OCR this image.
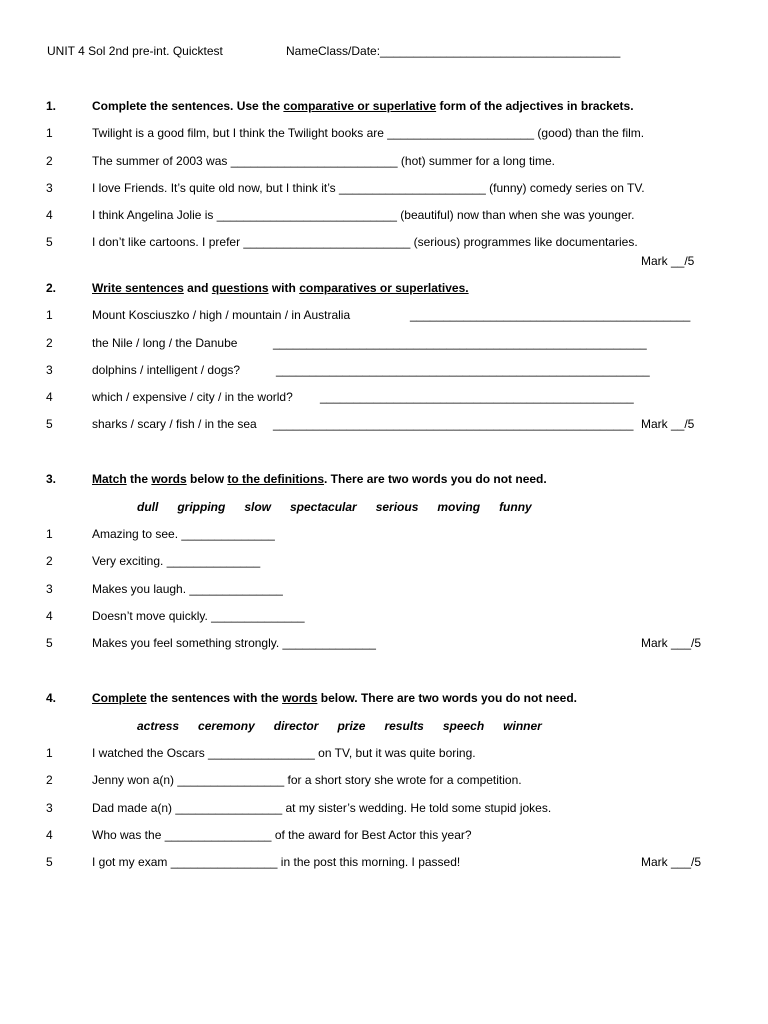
UNIT 4 Sol 2nd pre-int. Quicktest	NameClass/Date:____________________________________
1.	Complete the sentences. Use the comparative or superlative form of the adjectives in brackets.
1	Twilight is a good film, but I think the Twilight books are ______________________ (good) than the film.
2	The summer of 2003 was _________________________ (hot) summer for a long time.
3	I love Friends. It’s quite old now, but I think it’s ______________________ (funny) comedy series on TV.
4	I think Angelina Jolie is ___________________________ (beautiful) now than when she was younger.
5	I don’t like cartoons. I prefer _________________________ (serious) programmes like documentaries.
Mark __/5
2.	Write sentences and questions with comparatives or superlatives.
1	Mount Kosciuszko / high / mountain / in Australia	__________________________________________
2	the Nile / long / the Danube	________________________________________________________
3	dolphins / intelligent / dogs?	________________________________________________________
4	which / expensive / city / in the world? _______________________________________________
5	sharks / scary / fish / in the sea ______________________________________________________ Mark __/5
3.	Match the words below to the definitions. There are two words you do not need.
dull gripping slow spectacular serious moving funny
1	Amazing to see. ______________
2	Very exciting. ______________
3	Makes you laugh. ______________
4	Doesn’t move quickly. ______________
5	Makes you feel something strongly. ______________	Mark ___/5
4.	Complete the sentences with the words below. There are two words you do not need.
actress ceremony director prize results speech winner
1	I watched the Oscars ________________ on TV, but it was quite boring.
2	Jenny won a(n) ________________ for a short story she wrote for a competition.
3	Dad made a(n) ________________ at my sister’s wedding. He told some stupid jokes.
4	Who was the ________________ of the award for Best Actor this year?
5	I got my exam ________________ in the post this morning. I passed!	Mark ___/5
